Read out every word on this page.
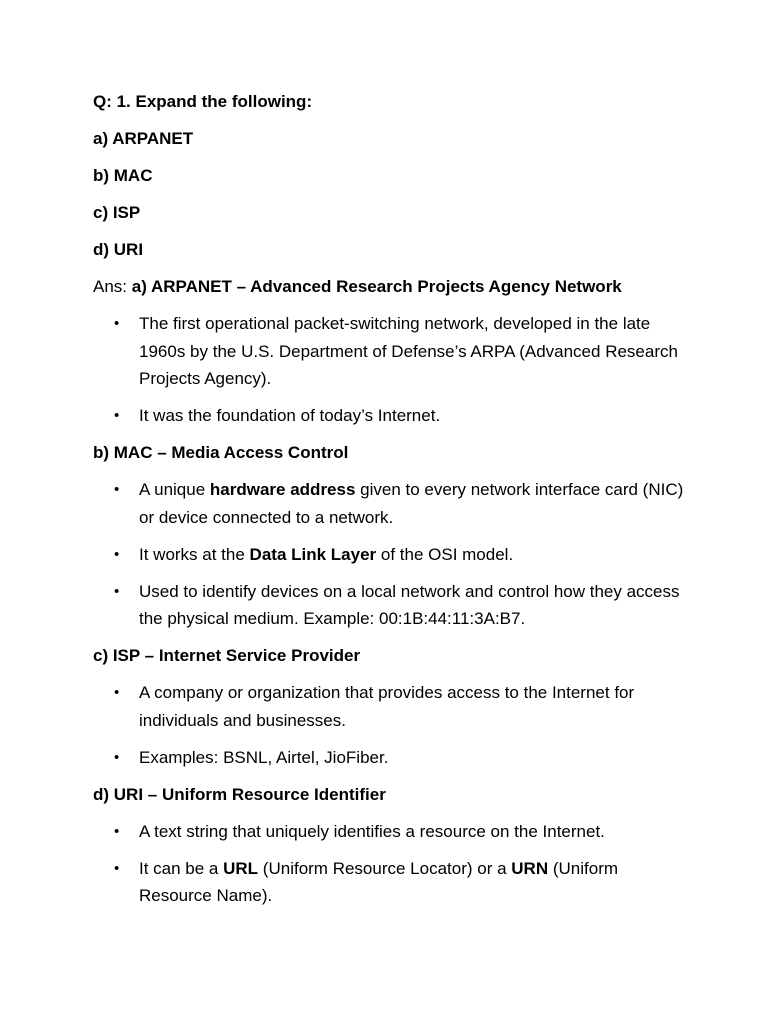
Q: 1. Expand the following:

a) ARPANET

b) MAC

c) ISP

d) URI

Ans: a) ARPANET – Advanced Research Projects Agency Network

• The first operational packet-switching network, developed in the late 1960s by the U.S. Department of Defense’s ARPA (Advanced Research Projects Agency).
• It was the foundation of today’s Internet.

b) MAC – Media Access Control

• A unique hardware address given to every network interface card (NIC) or device connected to a network.
• It works at the Data Link Layer of the OSI model.
• Used to identify devices on a local network and control how they access the physical medium. Example: 00:1B:44:11:3A:B7.

c) ISP – Internet Service Provider

• A company or organization that provides access to the Internet for individuals and businesses.
• Examples: BSNL, Airtel, JioFiber.

d) URI – Uniform Resource Identifier

• A text string that uniquely identifies a resource on the Internet.
• It can be a URL (Uniform Resource Locator) or a URN (Uniform Resource Name).
